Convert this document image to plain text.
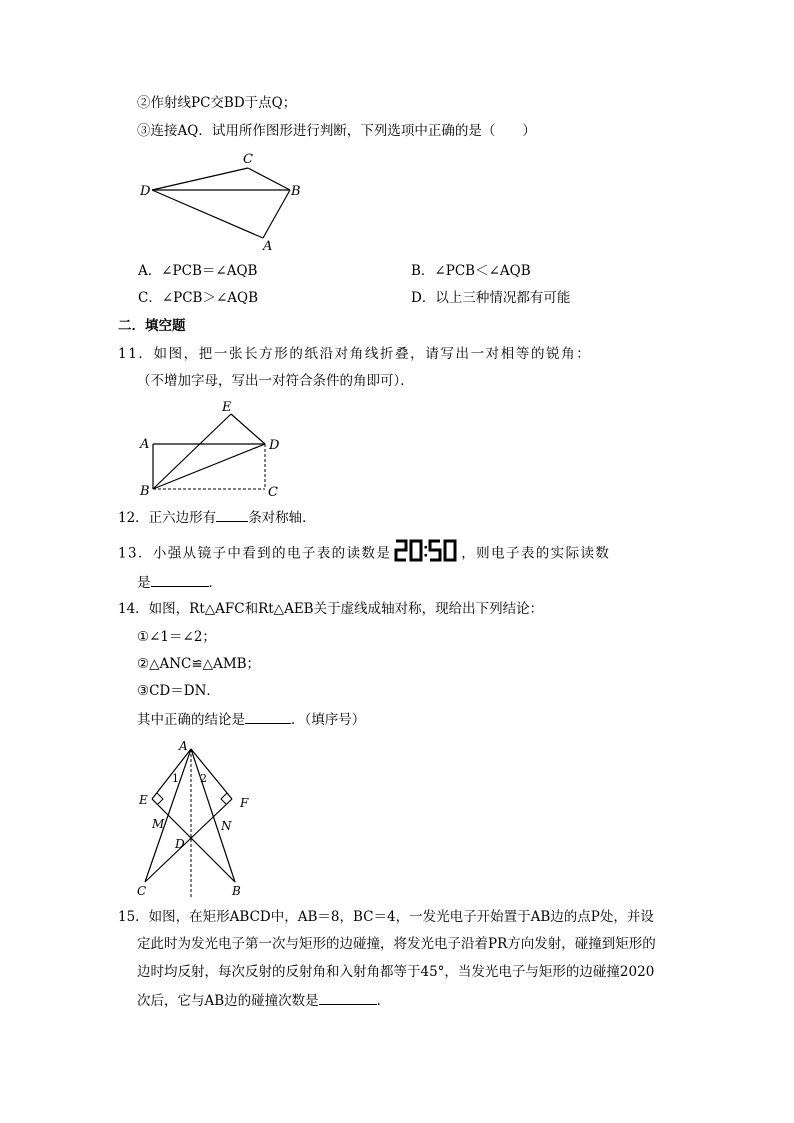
②作射线PC交BD于点Q；
③连接AQ．试用所作图形进行判断，下列选项中正确的是（　　）
C
D	B
A
A．∠PCB＝∠AQB	B．∠PCB＜∠AQB
C．∠PCB＞∠AQB	D．以上三种情况都有可能
二．填空题
11．如图，把一张长方形的纸沿对角线折叠，请写出一对相等的锐角：
（不增加字母，写出一对符合条件的角即可）．
E
A	D
B	C
12．正六边形有 条对称轴．
13．小强从镜子中看到的电子表的读数是	，则电子表的实际读数
是	．
14．如图，Rt△AFC和Rt△AEB关于虚线成轴对称，现给出下列结论：
①∠1＝∠2；
②△ANC≌△AMB；
③CD＝DN．
其中正确的结论是	．（填序号）
A
1 2
E	F
M	N
D
C	B
15．如图，在矩形ABCD中，AB＝8，BC＝4，一发光电子开始置于AB边的点P处，并设
定此时为发光电子第一次与矩形的边碰撞，将发光电子沿着PR方向发射，碰撞到矩形的
边时均反射，每次反射的反射角和入射角都等于45°，当发光电子与矩形的边碰撞2020
次后，它与AB边的碰撞次数是	．
